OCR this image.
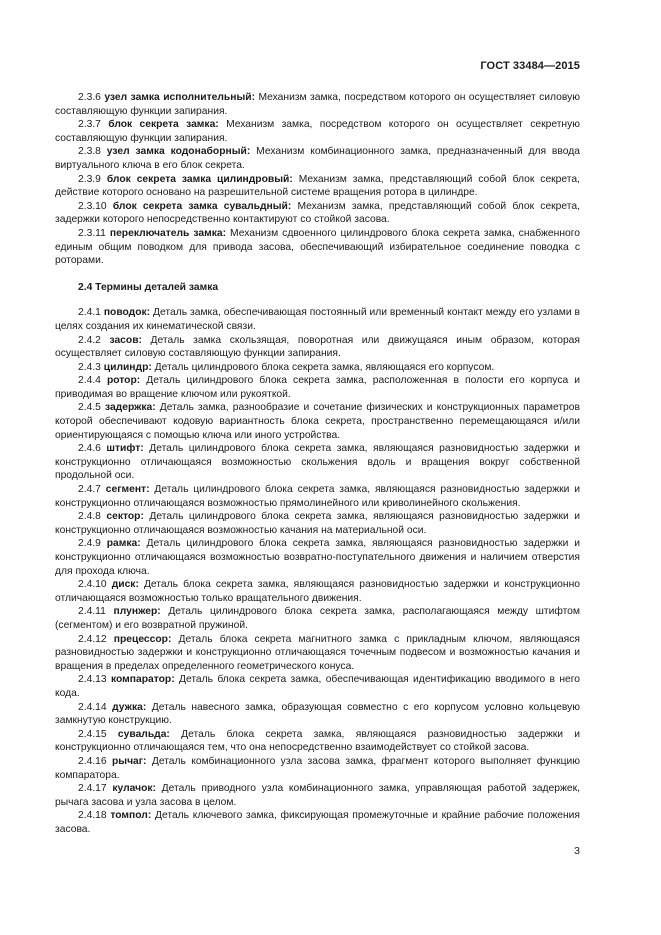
ГОСТ 33484—2015

2.3.6 узел замка исполнительный: Механизм замка, посредством которого он осуществляет силовую составляющую функции запирания.

2.3.7 блок секрета замка: Механизм замка, посредством которого он осуществляет секретную составляющую функции запирания.

2.3.8 узел замка кодонаборный: Механизм комбинационного замка, предназначенный для ввода виртуального ключа в его блок секрета.

2.3.9 блок секрета замка цилиндровый: Механизм замка, представляющий собой блок секрета, действие которого основано на разрешительной системе вращения ротора в цилиндре.

2.3.10 блок секрета замка сувальдный: Механизм замка, представляющий собой блок секрета, задержки которого непосредственно контактируют со стойкой засова.

2.3.11 переключатель замка: Механизм сдвоенного цилиндрового блока секрета замка, снабженного единым общим поводком для привода засова, обеспечивающий избирательное соединение поводка с роторами.

2.4 Термины деталей замка

2.4.1 поводок: Деталь замка, обеспечивающая постоянный или временный контакт между его узлами в целях создания их кинематической связи.

2.4.2 засов: Деталь замка скользящая, поворотная или движущаяся иным образом, которая осуществляет силовую составляющую функции запирания.

2.4.3 цилиндр: Деталь цилиндрового блока секрета замка, являющаяся его корпусом.

2.4.4 ротор: Деталь цилиндрового блока секрета замка, расположенная в полости его корпуса и приводимая во вращение ключом или рукояткой.

2.4.5 задержка: Деталь замка, разнообразие и сочетание физических и конструкционных параметров которой обеспечивают кодовую вариантность блока секрета, пространственно перемещающаяся и/или ориентирующаяся с помощью ключа или иного устройства.

2.4.6 штифт: Деталь цилиндрового блока секрета замка, являющаяся разновидностью задержки и конструкционно отличающаяся возможностью скольжения вдоль и вращения вокруг собственной продольной оси.

2.4.7 сегмент: Деталь цилиндрового блока секрета замка, являющаяся разновидностью задержки и конструкционно отличающаяся возможностью прямолинейного или криволинейного скольжения.

2.4.8 сектор: Деталь цилиндрового блока секрета замка, являющаяся разновидностью задержки и конструкционно отличающаяся возможностью качания на материальной оси.

2.4.9 рамка: Деталь цилиндрового блока секрета замка, являющаяся разновидностью задержки и конструкционно отличающаяся возможностью возвратно-поступательного движения и наличием отверстия для прохода ключа.

2.4.10 диск: Деталь блока секрета замка, являющаяся разновидностью задержки и конструкционно отличающаяся возможностью только вращательного движения.

2.4.11 плунжер: Деталь цилиндрового блока секрета замка, располагающаяся между штифтом (сегментом) и его возвратной пружиной.

2.4.12 прецессор: Деталь блока секрета магнитного замка с прикладным ключом, являющаяся разновидностью задержки и конструкционно отличающаяся точечным подвесом и возможностью качания и вращения в пределах определенного геометрического конуса.

2.4.13 компаратор: Деталь блока секрета замка, обеспечивающая идентификацию вводимого в него кода.

2.4.14 дужка: Деталь навесного замка, образующая совместно с его корпусом условно кольцевую замкнутую конструкцию.

2.4.15 сувальда: Деталь блока секрета замка, являющаяся разновидностью задержки и конструкционно отличающаяся тем, что она непосредственно взаимодействует со стойкой засова.

2.4.16 рычаг: Деталь комбинационного узла засова замка, фрагмент которого выполняет функцию компаратора.

2.4.17 кулачок: Деталь приводного узла комбинационного замка, управляющая работой задержек, рычага засова и узла засова в целом.

2.4.18 томпол: Деталь ключевого замка, фиксирующая промежуточные и крайние рабочие положения засова.

3
